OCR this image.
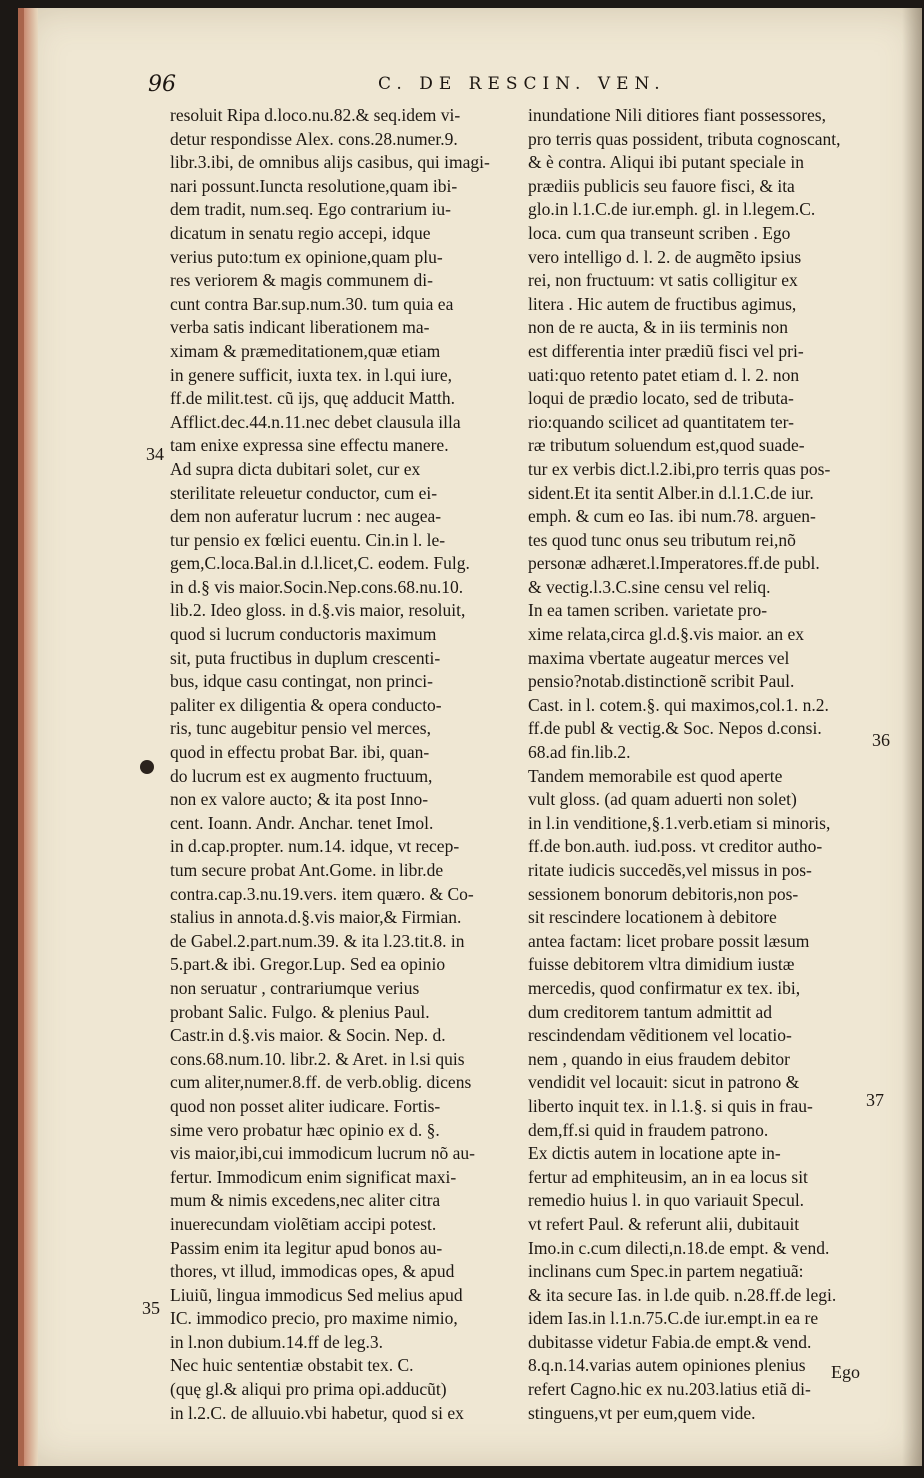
96	C. DE RESCIN. VEN.
resoluit Ripa d.loco.nu.82.& seq.idem vi-
detur respondisse Alex. cons.28.numer.9.
libr.3.ibi, de omnibus alijs casibus, qui imagi-
nari possunt.Iuncta resolutione,quam ibi-
dem tradit, num.seq. Ego contrarium iu-
dicatum in senatu regio accepi, idque
verius puto:tum ex opinione,quam plu-
res veriorem & magis communem di-
cunt contra Bar.sup.num.30. tum quia ea
verba satis indicant liberationem ma-
ximam & præmeditationem,quæ etiam
in genere sufficit, iuxta tex. in l.qui iure,
ff.de milit.test. cũ ijs, quę adducit Matth.
Afflict.dec.44.n.11.nec debet clausula illa
tam enixe expressa sine effectu manere.
Ad supra dicta dubitari solet, cur ex
sterilitate releuetur conductor, cum ei-
dem non auferatur lucrum : nec augea-
tur pensio ex fœlici euentu. Cin.in l. le-
gem,C.loca.Bal.in d.l.licet,C. eodem. Fulg.
in d.§ vis maior.Socin.Nep.cons.68.nu.10.
lib.2. Ideo gloss. in d.§.vis maior, resoluit,
quod si lucrum conductoris maximum
sit, puta fructibus in duplum crescenti-
bus, idque casu contingat, non princi-
paliter ex diligentia & opera conducto-
ris, tunc augebitur pensio vel merces,
quod in effectu probat Bar. ibi, quan-
do lucrum est ex augmento fructuum,
non ex valore aucto; & ita post Inno-
cent. Ioann. Andr. Anchar. tenet Imol.
in d.cap.propter. num.14. idque, vt recep-
tum secure probat Ant.Gome. in libr.de
contra.cap.3.nu.19.vers. item quæro. & Co-
stalius in annota.d.§.vis maior,& Firmian.
de Gabel.2.part.num.39. & ita l.23.tit.8. in
5.part.& ibi. Gregor.Lup. Sed ea opinio
non seruatur , contrariumque verius
probant Salic. Fulgo. & plenius Paul.
Castr.in d.§.vis maior. & Socin. Nep. d.
cons.68.num.10. libr.2. & Aret. in l.si quis
cum aliter,numer.8.ff. de verb.oblig. dicens
quod non posset aliter iudicare. Fortis-
sime vero probatur hæc opinio ex d. §.
vis maior,ibi,cui immodicum lucrum nõ au-
fertur. Immodicum enim significat maxi-
mum & nimis excedens,nec aliter citra
inuerecundam violẽtiam accipi potest.
Passim enim ita legitur apud bonos au-
thores, vt illud, immodicas opes, & apud
Liuiũ, lingua immodicus Sed melius apud
IC. immodico precio, pro maxime nimio,
in l.non dubium.14.ff de leg.3.
Nec huic sententiæ obstabit tex. C.
(quę gl.& aliqui pro prima opi.adducũt)
in l.2.C. de alluuio.vbi habetur, quod si ex
inundatione Nili ditiores fiant possessores,
pro terris quas possident, tributa cognoscant,
& è contra. Aliqui ibi putant speciale in
prædiis publicis seu fauore fisci, & ita
glo.in l.1.C.de iur.emph. gl. in l.legem.C.
loca. cum qua transeunt scriben . Ego
vero intelligo d. l. 2. de augmẽto ipsius
rei, non fructuum: vt satis colligitur ex
litera . Hic autem de fructibus agimus,
non de re aucta, & in iis terminis non
est differentia inter prædiũ fisci vel pri-
uati:quo retento patet etiam d. l. 2. non
loqui de prædio locato, sed de tributa-
rio:quando scilicet ad quantitatem ter-
ræ tributum soluendum est,quod suade-
tur ex verbis dict.l.2.ibi,pro terris quas pos-
sident.Et ita sentit Alber.in d.l.1.C.de iur.
emph. & cum eo Ias. ibi num.78. arguen-
tes quod tunc onus seu tributum rei,nõ
personæ adhæret.l.Imperatores.ff.de publ.
& vectig.l.3.C.sine censu vel reliq.
In ea tamen scriben. varietate pro-
xime relata,circa gl.d.§.vis maior. an ex
maxima vbertate augeatur merces vel
pensio?notab.distinctionẽ scribit Paul.
Cast. in l. cotem.§. qui maximos,col.1. n.2.
ff.de publ & vectig.& Soc. Nepos d.consi.
68.ad fin.lib.2.
Tandem memorabile est quod aperte
vult gloss. (ad quam aduerti non solet)
in l.in venditione,§.1.verb.etiam si minoris,
ff.de bon.auth. iud.poss. vt creditor autho-
ritate iudicis succedẽs,vel missus in pos-
sessionem bonorum debitoris,non pos-
sit rescindere locationem à debitore
antea factam: licet probare possit læsum
fuisse debitorem vltra dimidium iustæ
mercedis, quod confirmatur ex tex. ibi,
dum creditorem tantum admittit ad
rescindendam vẽditionem vel locatio-
nem , quando in eius fraudem debitor
vendidit vel locauit: sicut in patrono &
liberto inquit tex. in l.1.§. si quis in frau-
dem,ff.si quid in fraudem patrono.
Ex dictis autem in locatione apte in-
fertur ad emphiteusim, an in ea locus sit
remedio huius l. in quo variauit Specul.
vt refert Paul. & referunt alii, dubitauit
Imo.in c.cum dilecti,n.18.de empt. & vend.
inclinans cum Spec.in partem negatiuã:
& ita secure Ias. in l.de quib. n.28.ff.de legi.
idem Ias.in l.1.n.75.C.de iur.empt.in ea re
dubitasse videtur Fabia.de empt.& vend.
8.q.n.14.varias autem opiniones plenius
refert Cagno.hic ex nu.203.latius etiã di-
stinguens,vt per eum,quem vide.
34
35
36
37
Ego
